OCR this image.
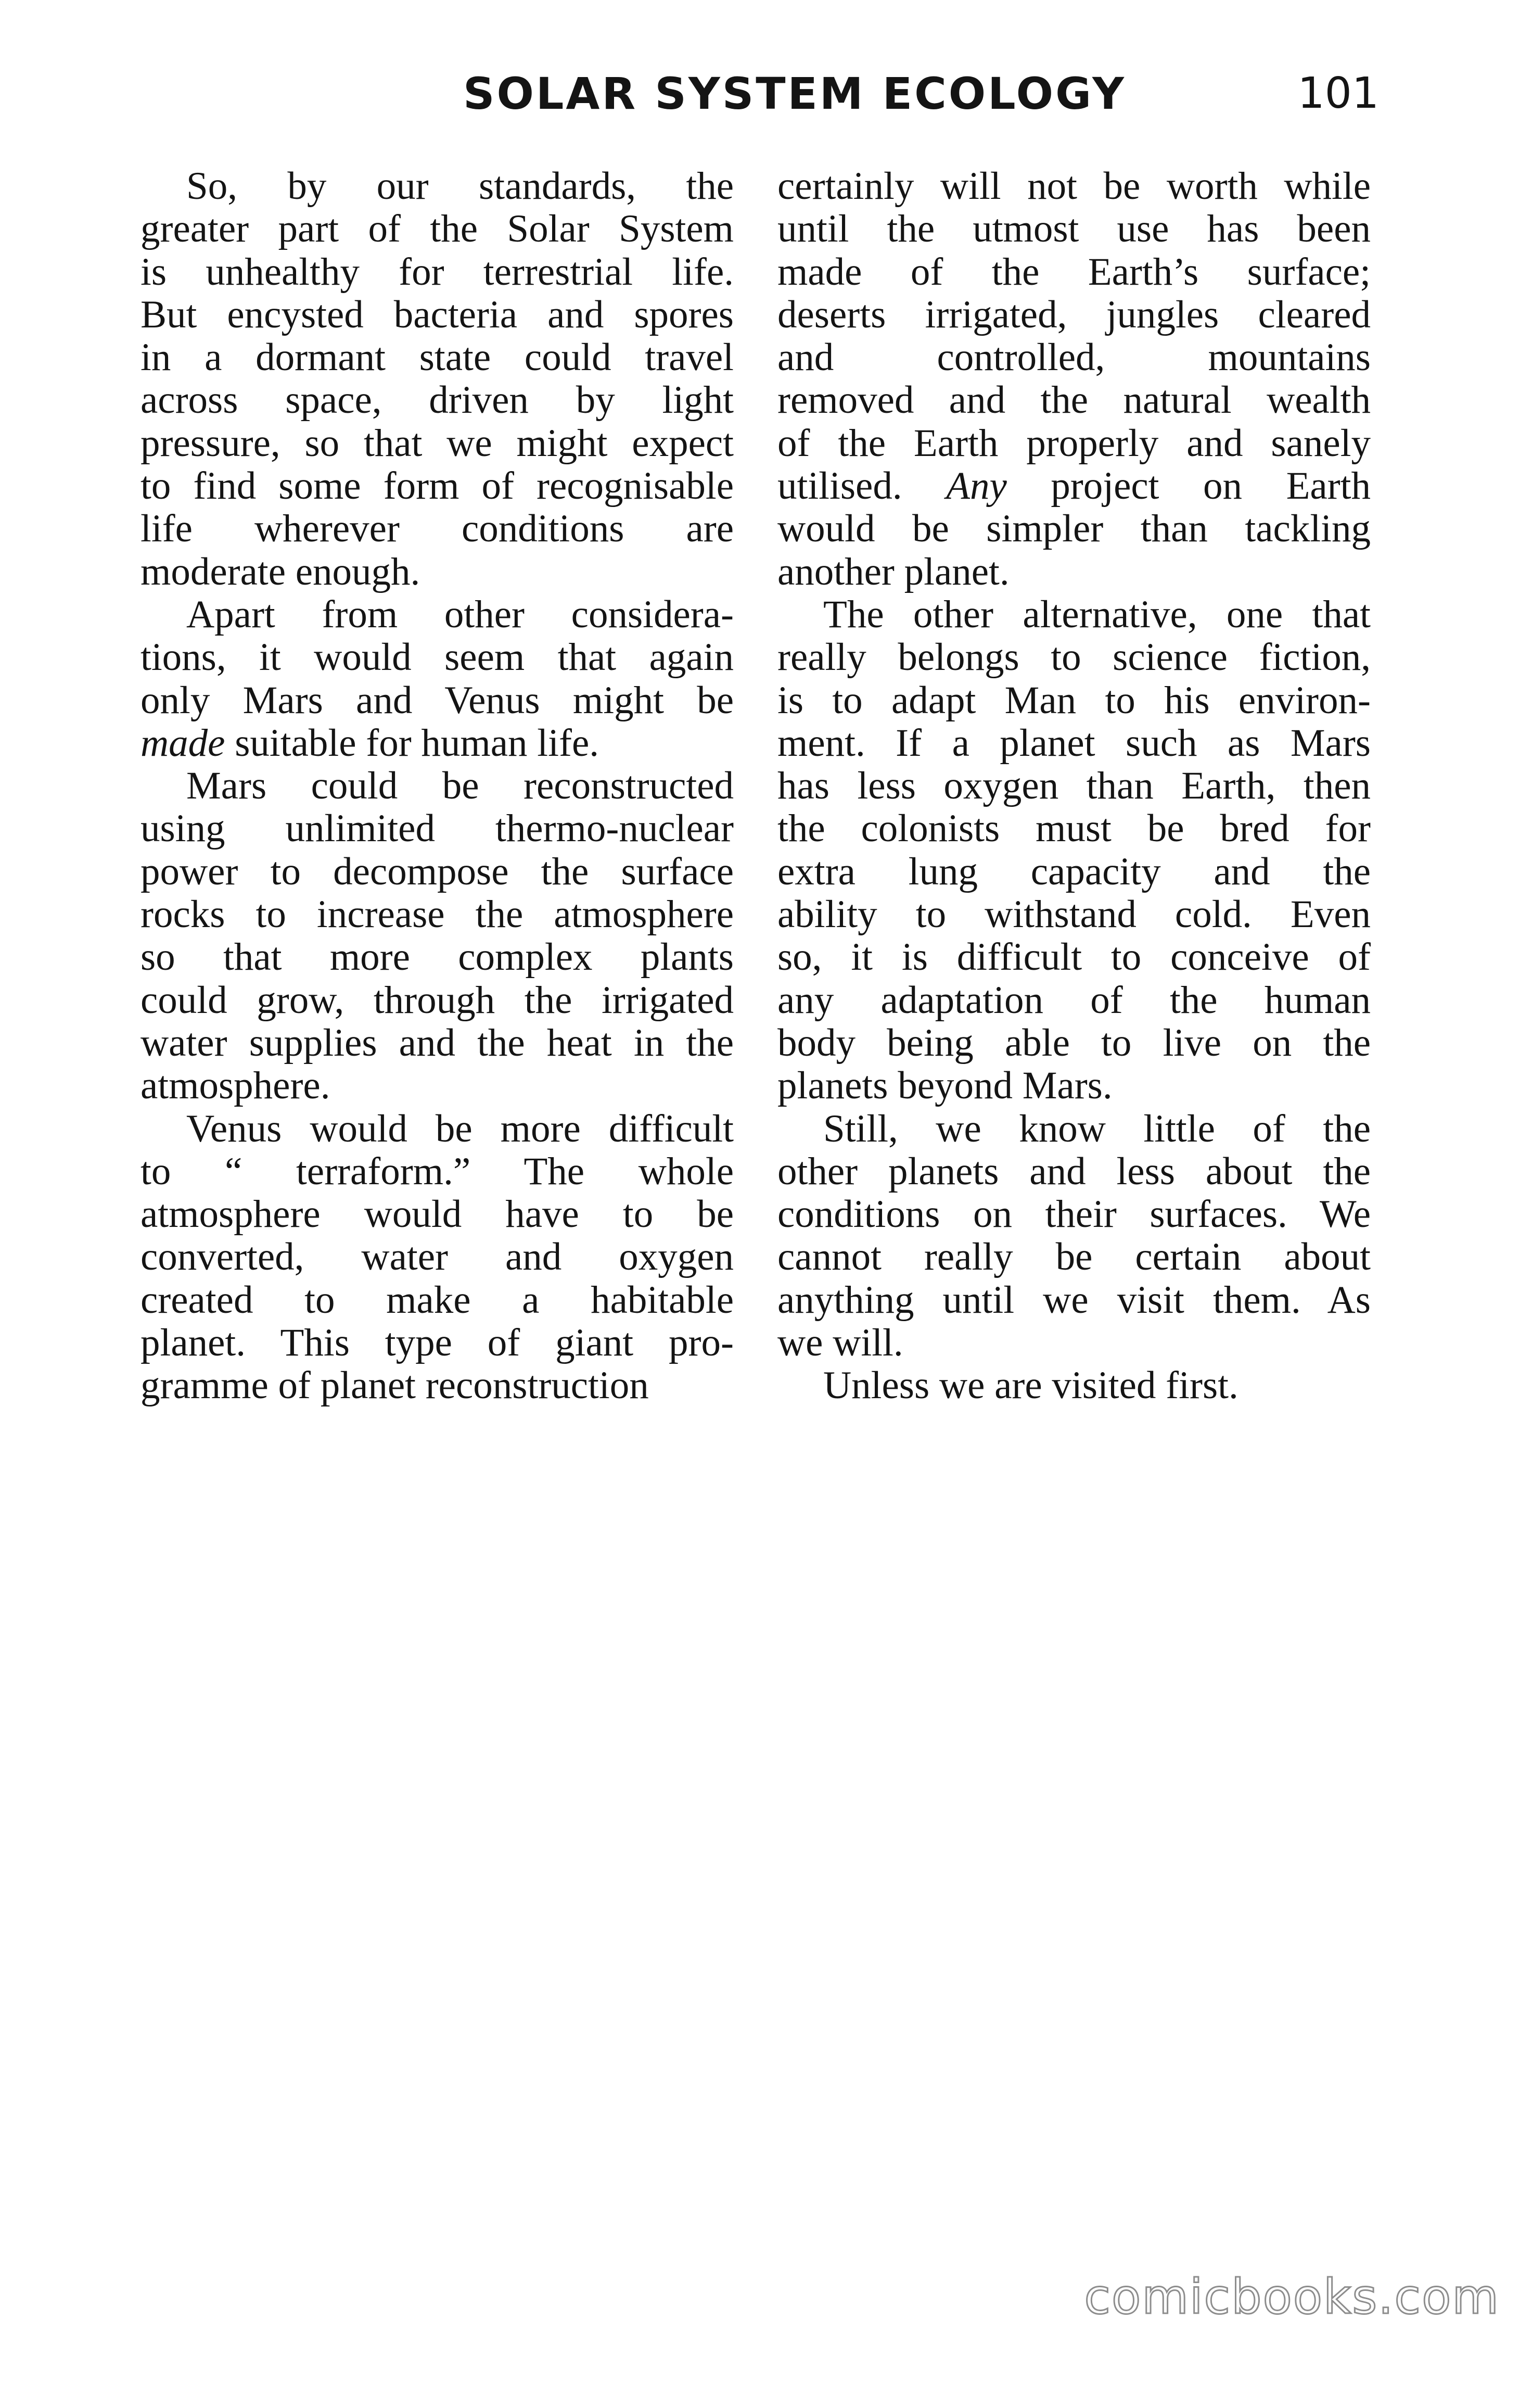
SOLAR SYSTEM ECOLOGY	101
So, by our standards, the
greater part of the Solar System
is unhealthy for terrestrial life.
But encysted bacteria and spores
in a dormant state could travel
across space, driven by light
pressure, so that we might expect
to find some form of recognisable
life wherever conditions are
moderate enough.
Apart from other considera-
tions, it would seem that again
only Mars and Venus might be
made suitable for human life.
Mars could be reconstructed
using unlimited thermo-nuclear
power to decompose the surface
rocks to increase the atmosphere
so that more complex plants
could grow, through the irrigated
water supplies and the heat in the
atmosphere.
Venus would be more difficult
to “ terraform.” The whole
atmosphere would have to be
converted, water and oxygen
created to make a habitable
planet. This type of giant pro-
gramme of planet reconstruction
certainly will not be worth while
until the utmost use has been
made of the Earth’s surface;
deserts irrigated, jungles cleared
and controlled, mountains
removed and the natural wealth
of the Earth properly and sanely
utilised. Any project on Earth
would be simpler than tackling
another planet.
The other alternative, one that
really belongs to science fiction,
is to adapt Man to his environ-
ment. If a planet such as Mars
has less oxygen than Earth, then
the colonists must be bred for
extra lung capacity and the
ability to withstand cold. Even
so, it is difficult to conceive of
any adaptation of the human
body being able to live on the
planets beyond Mars.
Still, we know little of the
other planets and less about the
conditions on their surfaces. We
cannot really be certain about
anything until we visit them. As
we will.
Unless we are visited first.
comicbooks.com
